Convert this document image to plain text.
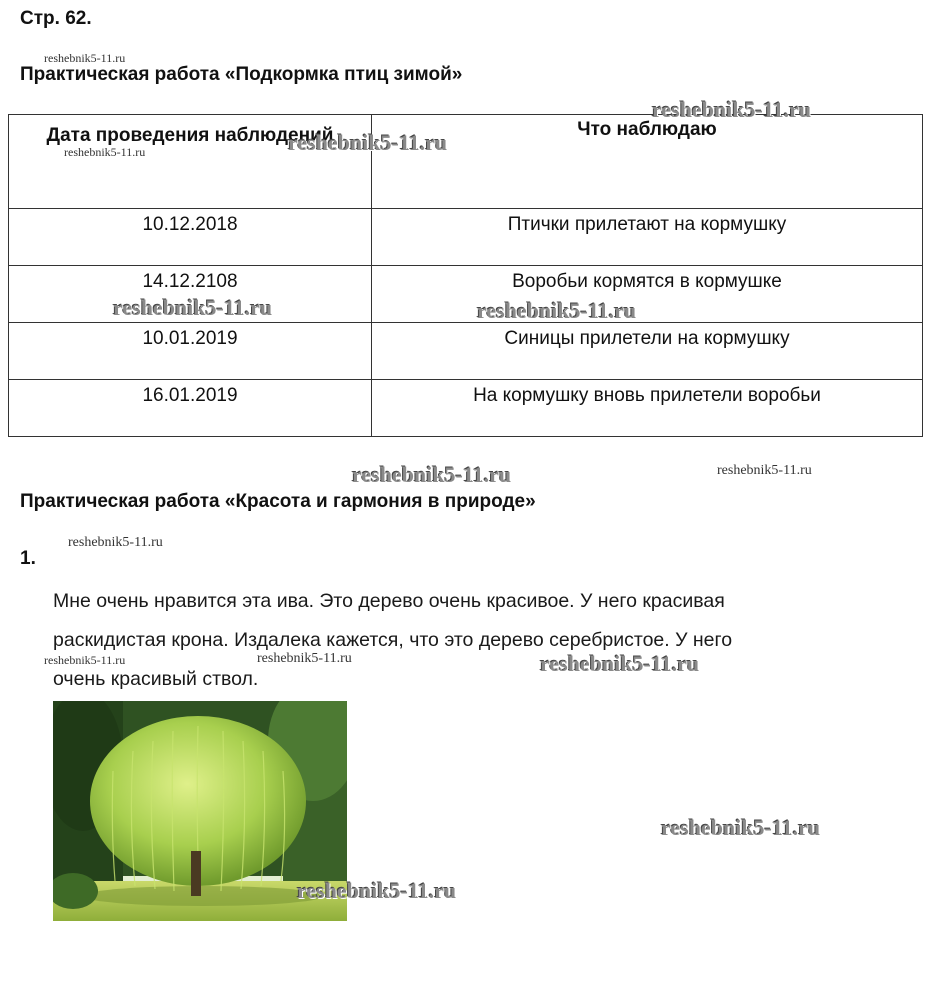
Стр. 62.
Практическая работа «Подкормка птиц зимой»
Дата проведения наблюдений	Что наблюдаю
10.12.2018	Птички прилетают на кормушку
14.12.2108	Воробьи кормятся в кормушке
10.01.2019	Синицы прилетели на кормушку
16.01.2019	На кормушку вновь прилетели воробьи
Практическая работа «Красота и гармония в природе»
1.
Мне очень нравится эта ива. Это дерево очень красивое. У него красивая
раскидистая крона. Издалека кажется, что это дерево серебристое. У него
очень красивый ствол.
reshebnik5-11.ru
reshebnik5-11.ru
reshebnik5-11.ru	reshebnik5-11.ru
reshebnik5-11.ru	reshebnik5-11.ru
reshebnik5-11.ru	reshebnik5-11.ru
reshebnik5-11.ru
reshebnik5-11.ru	reshebnik5-11.ru	reshebnik5-11.ru
reshebnik5-11.ru
reshebnik5-11.ru
